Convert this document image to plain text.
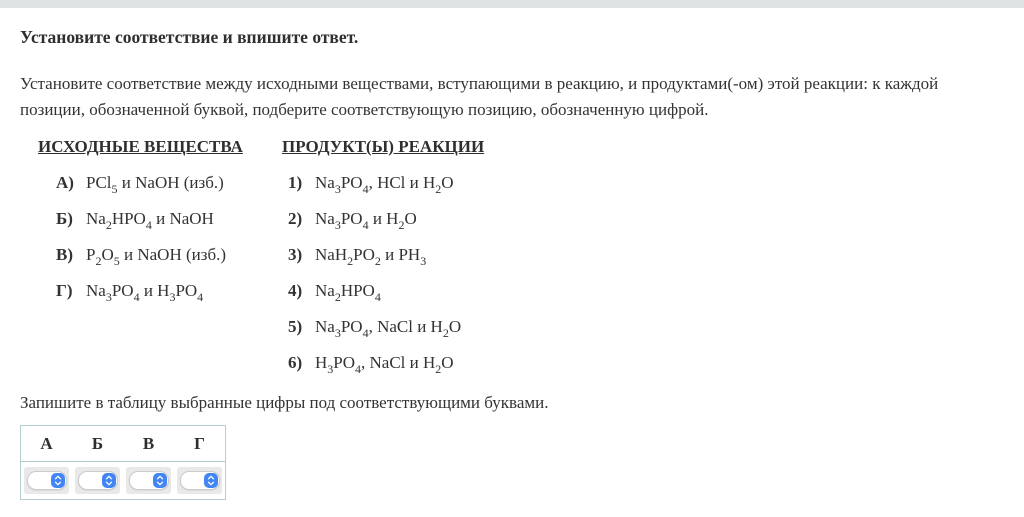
Установите соответствие и впишите ответ.

Установите соответствие между исходными веществами, вступающими в реакцию, и продуктами(-ом) этой реакции: к каждой позиции, обозначенной буквой, подберите соответствующую позицию, обозначенную цифрой.

ИСХОДНЫЕ ВЕЩЕСТВА	ПРОДУКТ(Ы) РЕАКЦИИ
А) PCl$_5$ и NaOH (изб.)	1) $Na_3PO_4$, HCl и $H_2O$
Б) $Na_2HPO_4$ и NaOH	2) $Na_3PO_4$ и $H_2O$
В) $P_2O_5$ и NaOH (изб.)	3) $NaH_2PO_2$ и $PH_3$
Г) $Na_3PO_4$ и $H_3PO_4$	4) $Na_2HPO_4$
5) $Na_3PO_4$, NaCl и $H_2O$
6) $H_3PO_4$, NaCl и $H_2O$
Запишите в таблицу выбранные цифры под соответствующими буквами.
А	Б	В	Г
